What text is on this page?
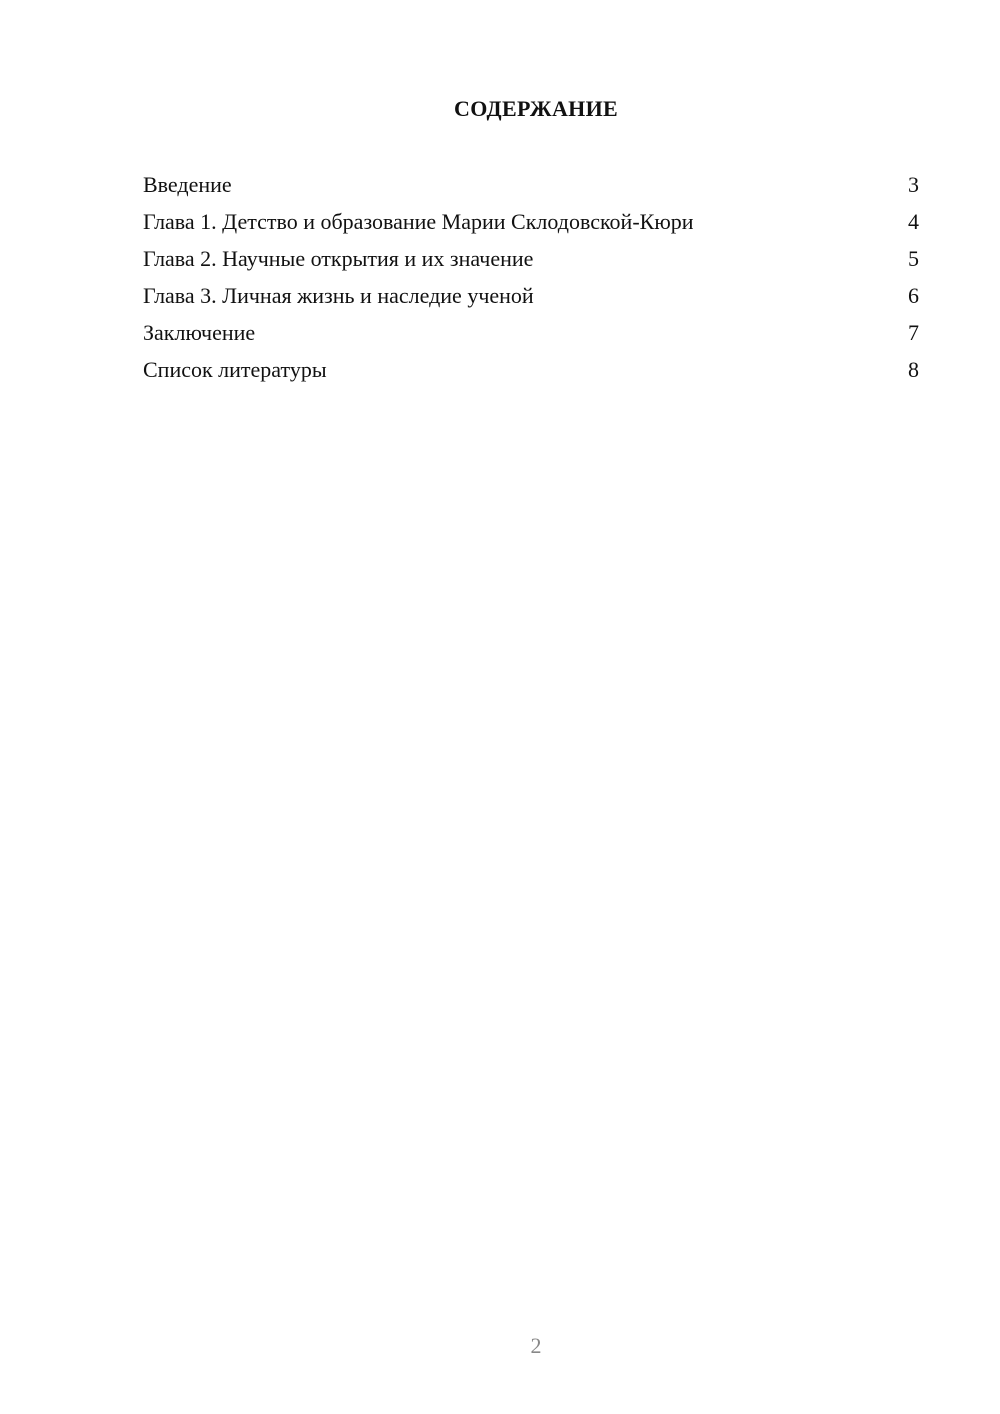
СОДЕРЖАНИЕ
Введение	3
Глава 1. Детство и образование Марии Склодовской-Кюри	4
Глава 2. Научные открытия и их значение	5
Глава 3. Личная жизнь и наследие ученой	6
Заключение	7
Список литературы	8
2
